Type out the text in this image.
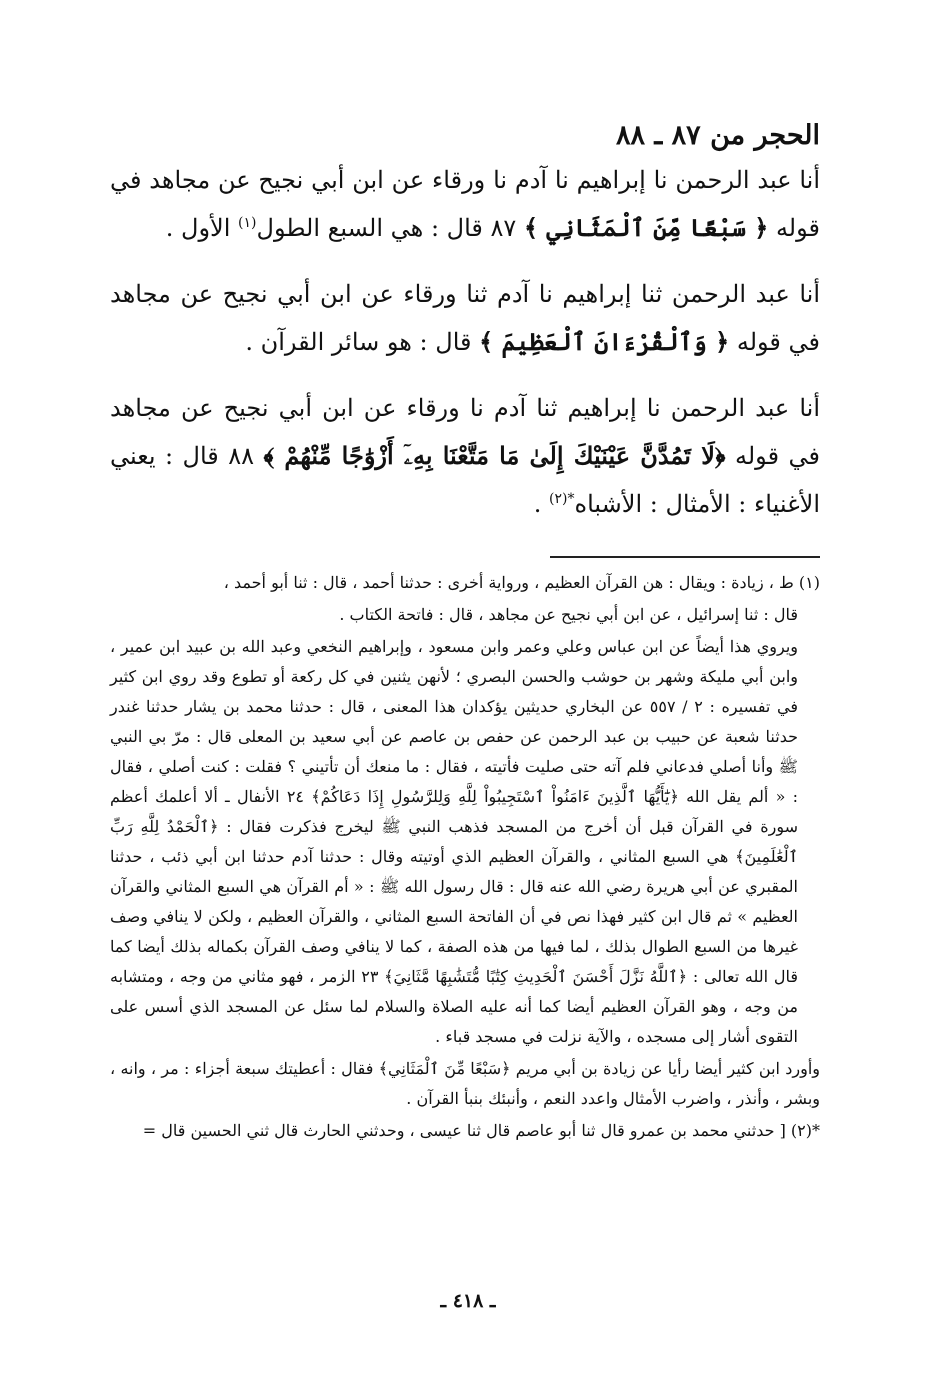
الحجر من ٨٧ ـ ٨٨

أنا عبد الرحمن نا إبراهيم نا آدم نا ورقاء عن ابن أبي نجيح عن مجاهد في قوله ﴿ سَبْعًا مِّنَ ٱلْمَثَانِي ﴾ ٨٧ قال : هي السبع الطول$^{(١)}$ الأول .

أنا عبد الرحمن ثنا إبراهيم نا آدم ثنا ورقاء عن ابن أبي نجيح عن مجاهد في قوله ﴿ وَٱلْقُرْءَانَ ٱلْعَظِيمَ ﴾ قال : هو سائر القرآن .

أنا عبد الرحمن نا إبراهيم ثنا آدم نا ورقاء عن ابن أبي نجيح عن مجاهد في قوله ﴿لَا تَمُدَّنَّ عَيْنَيْكَ إِلَىٰ مَا مَتَّعْنَا بِهِۦٓ أَزْوَٰجًا مِّنْهُمْ ﴾ ٨٨ قال : يعني الأغنياء : الأمثال : الأشباه$^{*(٢)}$ .

(١) ط ، زيادة : ويقال : هن القرآن العظيم ، ورواية أخرى : حدثنا أحمد ، قال : ثنا أبو أحمد ،

قال : ثنا إسرائيل ، عن ابن أبي نجيح عن مجاهد ، قال : فاتحة الكتاب .

ويروي هذا أيضاً عن ابن عباس وعلي وعمر وابن مسعود ، وإبراهيم النخعي وعبد الله بن عبيد ابن عمير ، وابن أبي مليكة وشهر بن حوشب والحسن البصري ؛ لأنهن يثنين في كل ركعة أو تطوع وقد روي ابن كثير في تفسيره : ٢ / ٥٥٧ عن البخاري حديثين يؤكدان هذا المعنى ، قال : حدثنا محمد بن يشار حدثنا غندر حدثنا شعبة عن حبيب بن عبد الرحمن عن حفص بن عاصم عن أبي سعيد بن المعلى قال : مرّ بي النبي ﷺ وأنا أصلي فدعاني فلم آته حتى صليت فأتيته ، فقال : ما منعك أن تأتيني ؟ فقلت : كنت أصلي ، فقال : « ألم يقل الله ﴿يَٰٓأَيُّهَا ٱلَّذِينَ ءَامَنُواْ ٱسْتَجِيبُواْ لِلَّهِ وَلِلرَّسُولِ إِذَا دَعَاكُمْ﴾ ٢٤ الأنفال ـ ألا أعلمك أعظم سورة في القرآن قبل أن أخرج من المسجد فذهب النبي ﷺ ليخرج فذكرت فقال : ﴿ٱلْحَمْدُ لِلَّهِ رَبِّ ٱلْعَٰلَمِينَ﴾ هي السبع المثاني ، والقرآن العظيم الذي أوتيته وقال : حدثنا آدم حدثنا ابن أبي ذئب ، حدثنا المقبري عن أبي هريرة رضي الله عنه قال : قال رسول الله ﷺ : « أم القرآن هي السبع المثاني والقرآن العظيم » ثم قال ابن كثير فهذا نص في أن الفاتحة السبع المثاني ، والقرآن العظيم ، ولكن لا ينافي وصف غيرها من السبع الطوال بذلك ، لما فيها من هذه الصفة ، كما لا ينافي وصف القرآن بكماله بذلك أيضا كما قال الله تعالى : ﴿ٱللَّهُ نَزَّلَ أَحْسَنَ ٱلْحَدِيثِ كِتَٰبًا مُّتَشَٰبِهًا مَّثَانِيَ﴾ ٢٣ الزمر ، فهو مثاني من وجه ، ومتشابه من وجه ، وهو القرآن العظيم أيضا كما أنه عليه الصلاة والسلام لما سئل عن المسجد الذي أسس على التقوى أشار إلى مسجده ، والآية نزلت في مسجد قباء .

وأورد ابن كثير أيضا رأيا عن زيادة بن أبي مريم ﴿سَبْعًا مِّنَ ٱلْمَثَانِي﴾ فقال : أعطيتك سبعة أجزاء : مر ، وانه ، وبشر ، وأنذر ، واضرب الأمثال واعدد النعم ، وأنبئك بنبأ القرآن .

*(٢) [ حدثني محمد بن عمرو قال ثنا أبو عاصم قال ثنا عيسى ، وحدثني الحارث قال ثني الحسين قال =

ـ ٤١٨ ـ
